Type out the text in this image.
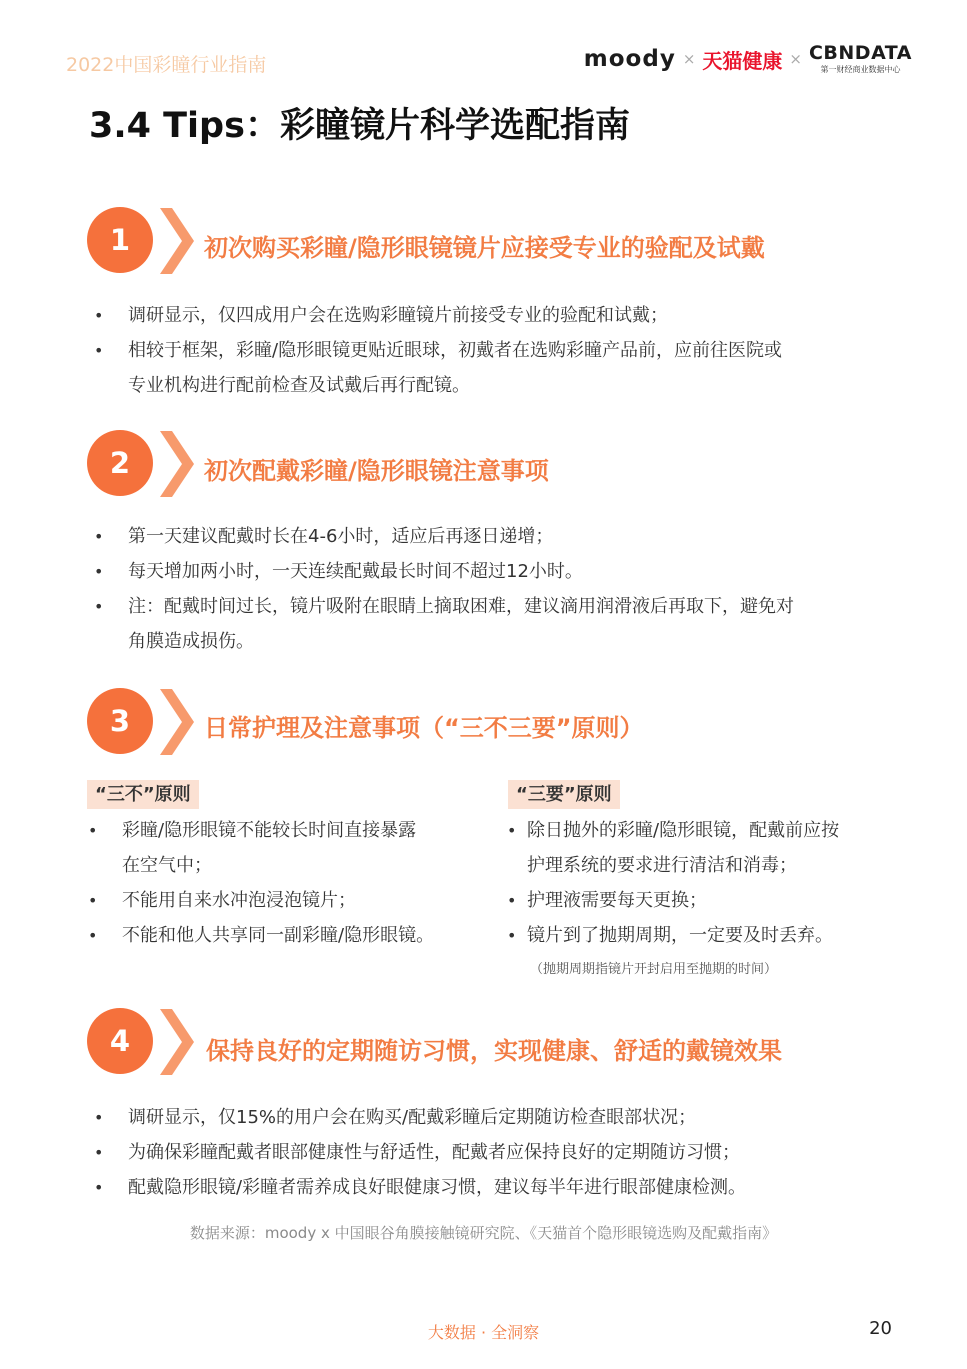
2022中国彩瞳行业指南	moody × 天猫健康 × CBNDATA
第一财经商业数据中心
3.4 Tips：彩瞳镜片科学选配指南
1	初次购买彩瞳/隐形眼镜镜片应接受专业的验配及试戴
• 调研显示，仅四成用户会在选购彩瞳镜片前接受专业的验配和试戴；
• 相较于框架，彩瞳/隐形眼镜更贴近眼球，初戴者在选购彩瞳产品前，应前往医院或
专业机构进行配前检查及试戴后再行配镜。
2	初次配戴彩瞳/隐形眼镜注意事项
• 第一天建议配戴时长在4-6小时，适应后再逐日递增；
• 每天增加两小时，一天连续配戴最长时间不超过12小时。
• 注：配戴时间过长，镜片吸附在眼睛上摘取困难，建议滴用润滑液后再取下，避免对
角膜造成损伤。
3	日常护理及注意事项（“三不三要”原则）
“三不”原则
• 彩瞳/隐形眼镜不能较长时间直接暴露
在空气中；
• 不能用自来水冲泡浸泡镜片；
• 不能和他人共享同一副彩瞳/隐形眼镜。
“三要”原则
• 除日抛外的彩瞳/隐形眼镜，配戴前应按
护理系统的要求进行清洁和消毒；
• 护理液需要每天更换；
• 镜片到了抛期周期，一定要及时丢弃。
（抛期周期指镜片开封启用至抛期的时间）
4	保持良好的定期随访习惯，实现健康、舒适的戴镜效果
• 调研显示，仅15%的用户会在购买/配戴彩瞳后定期随访检查眼部状况；
• 为确保彩瞳配戴者眼部健康性与舒适性，配戴者应保持良好的定期随访习惯；
• 配戴隐形眼镜/彩瞳者需养成良好眼健康习惯，建议每半年进行眼部健康检测。
数据来源：moody x 中国眼谷角膜接触镜研究院、《天猫首个隐形眼镜选购及配戴指南》
大数据 · 全洞察	20
